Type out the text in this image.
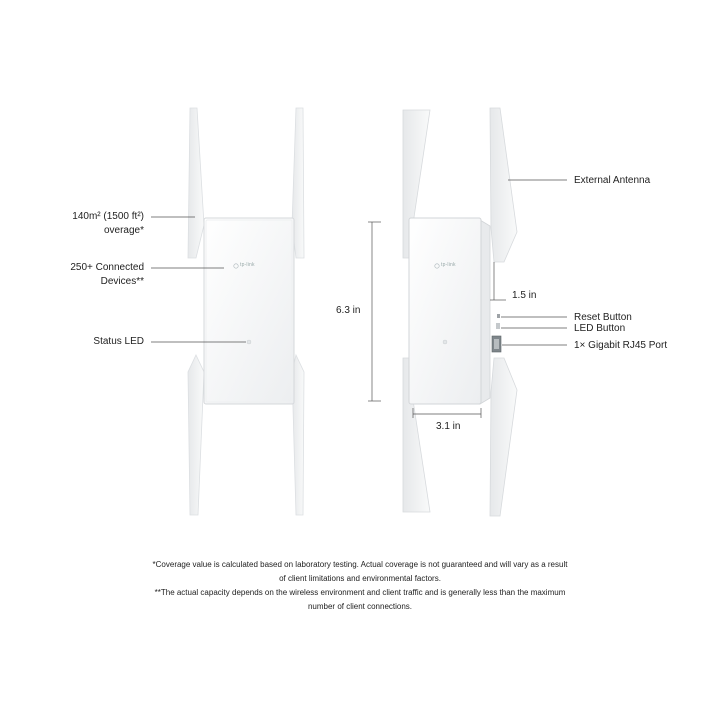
tp-link	tp-link
140m² (1500 ft²) overage*
250+ Connected Devices**
Status LED
External Antenna
Reset Button
LED Button
1× Gigabit RJ45 Port
6.3 in
1.5 in
3.1 in
*Coverage value is calculated based on laboratory testing. Actual coverage is not guaranteed and will vary as a result of client limitations and environmental factors.
**The actual capacity depends on the wireless environment and client traffic and is generally less than the maximum number of client connections.
